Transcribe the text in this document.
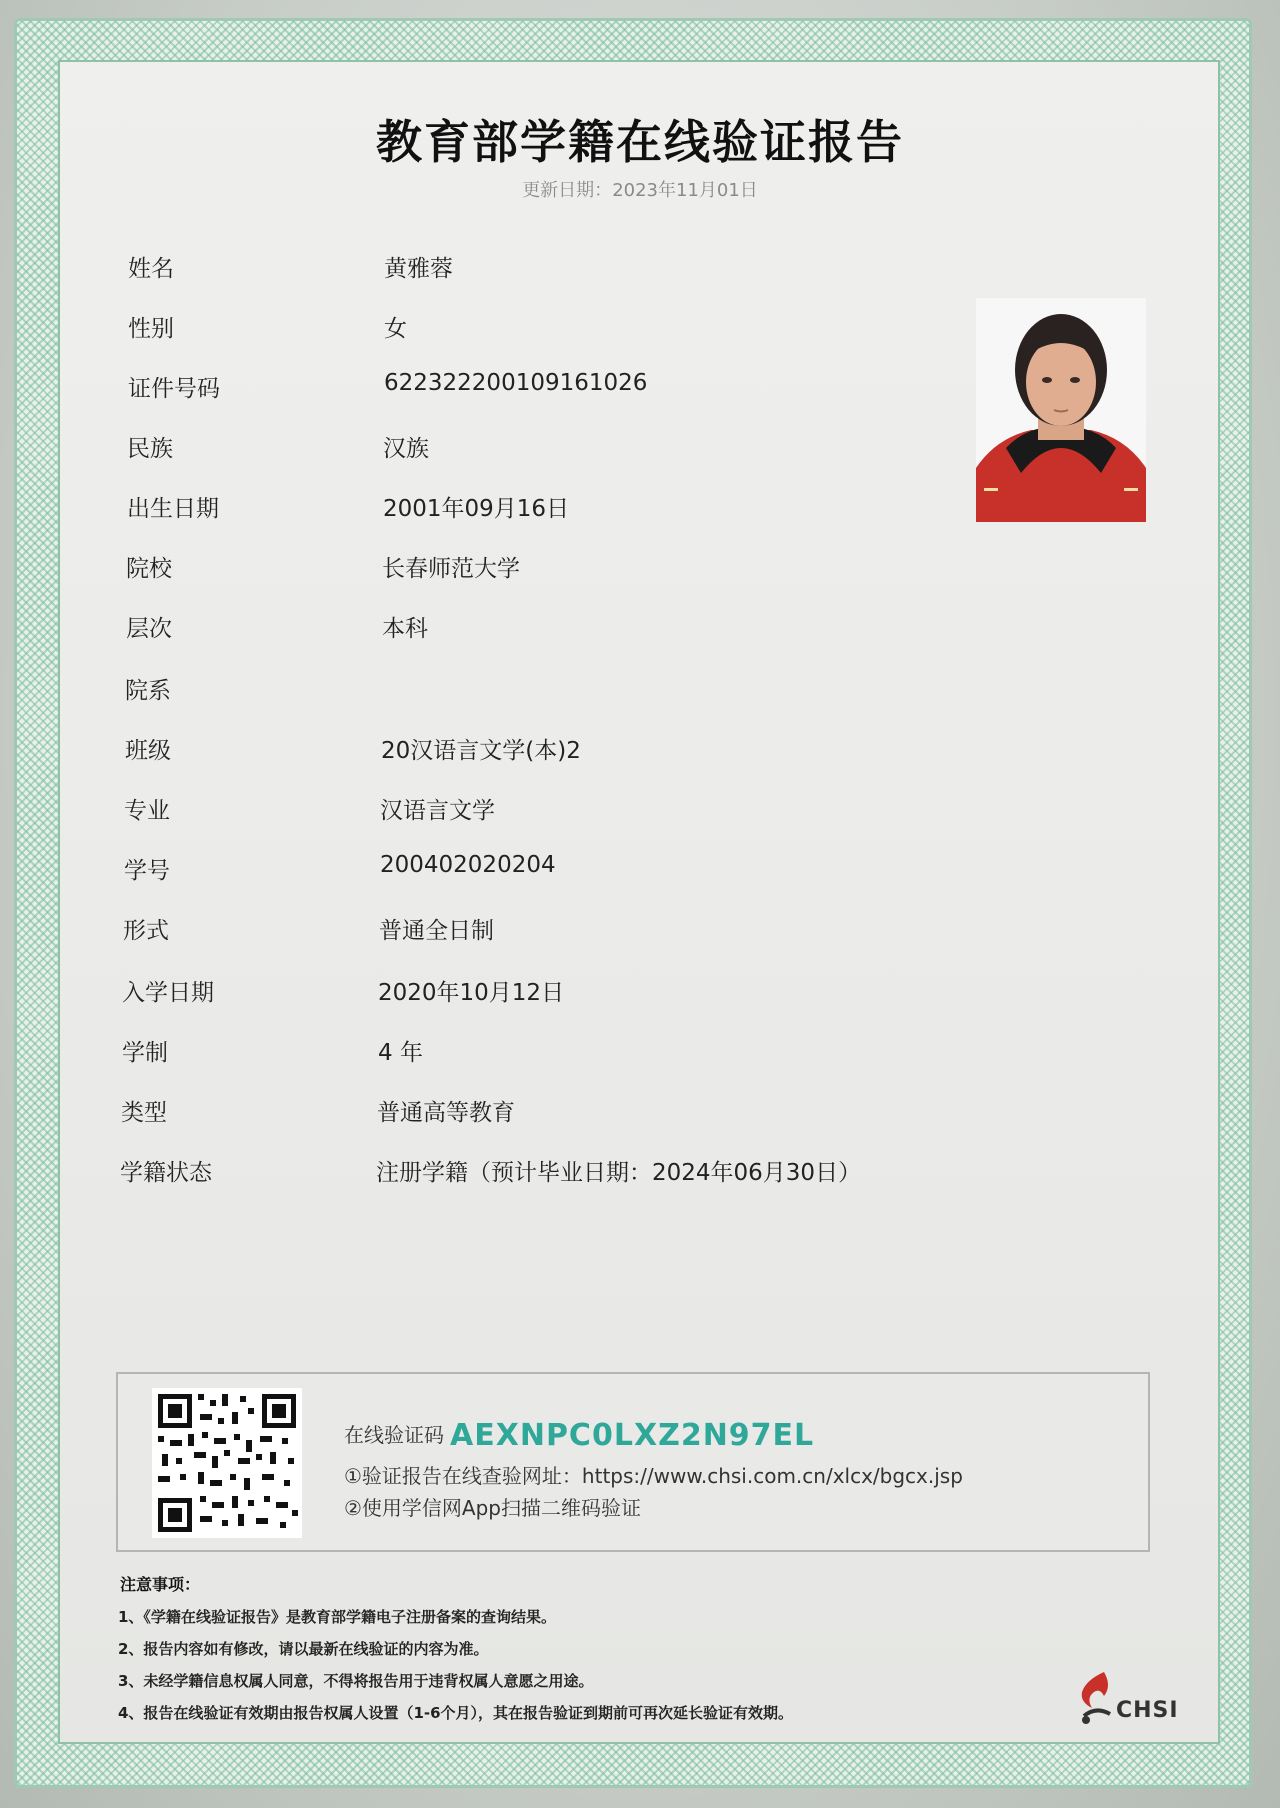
教育部学籍在线验证报告
更新日期：2023年11月01日
姓名	黄雅蓉
性别	女
证件号码	622322200109161026
民族	汉族
出生日期	2001年09月16日
院校	长春师范大学
层次	本科
院系
班级	20汉语言文学(本)2
专业	汉语言文学
学号	200402020204
形式	普通全日制
入学日期	2020年10月12日
学制	4 年
类型	普通高等教育
学籍状态	注册学籍（预计毕业日期：2024年06月30日）
在线验证码 AEXNPC0LXZ2N97EL
①验证报告在线查验网址：https://www.chsi.com.cn/xlcx/bgcx.jsp
②使用学信网App扫描二维码验证
注意事项：
1、《学籍在线验证报告》是教育部学籍电子注册备案的查询结果。
2、报告内容如有修改，请以最新在线验证的内容为准。
3、未经学籍信息权属人同意，不得将报告用于违背权属人意愿之用途。
4、报告在线验证有效期由报告权属人设置（1-6个月），其在报告验证到期前可再次延长验证有效期。	CHSI
